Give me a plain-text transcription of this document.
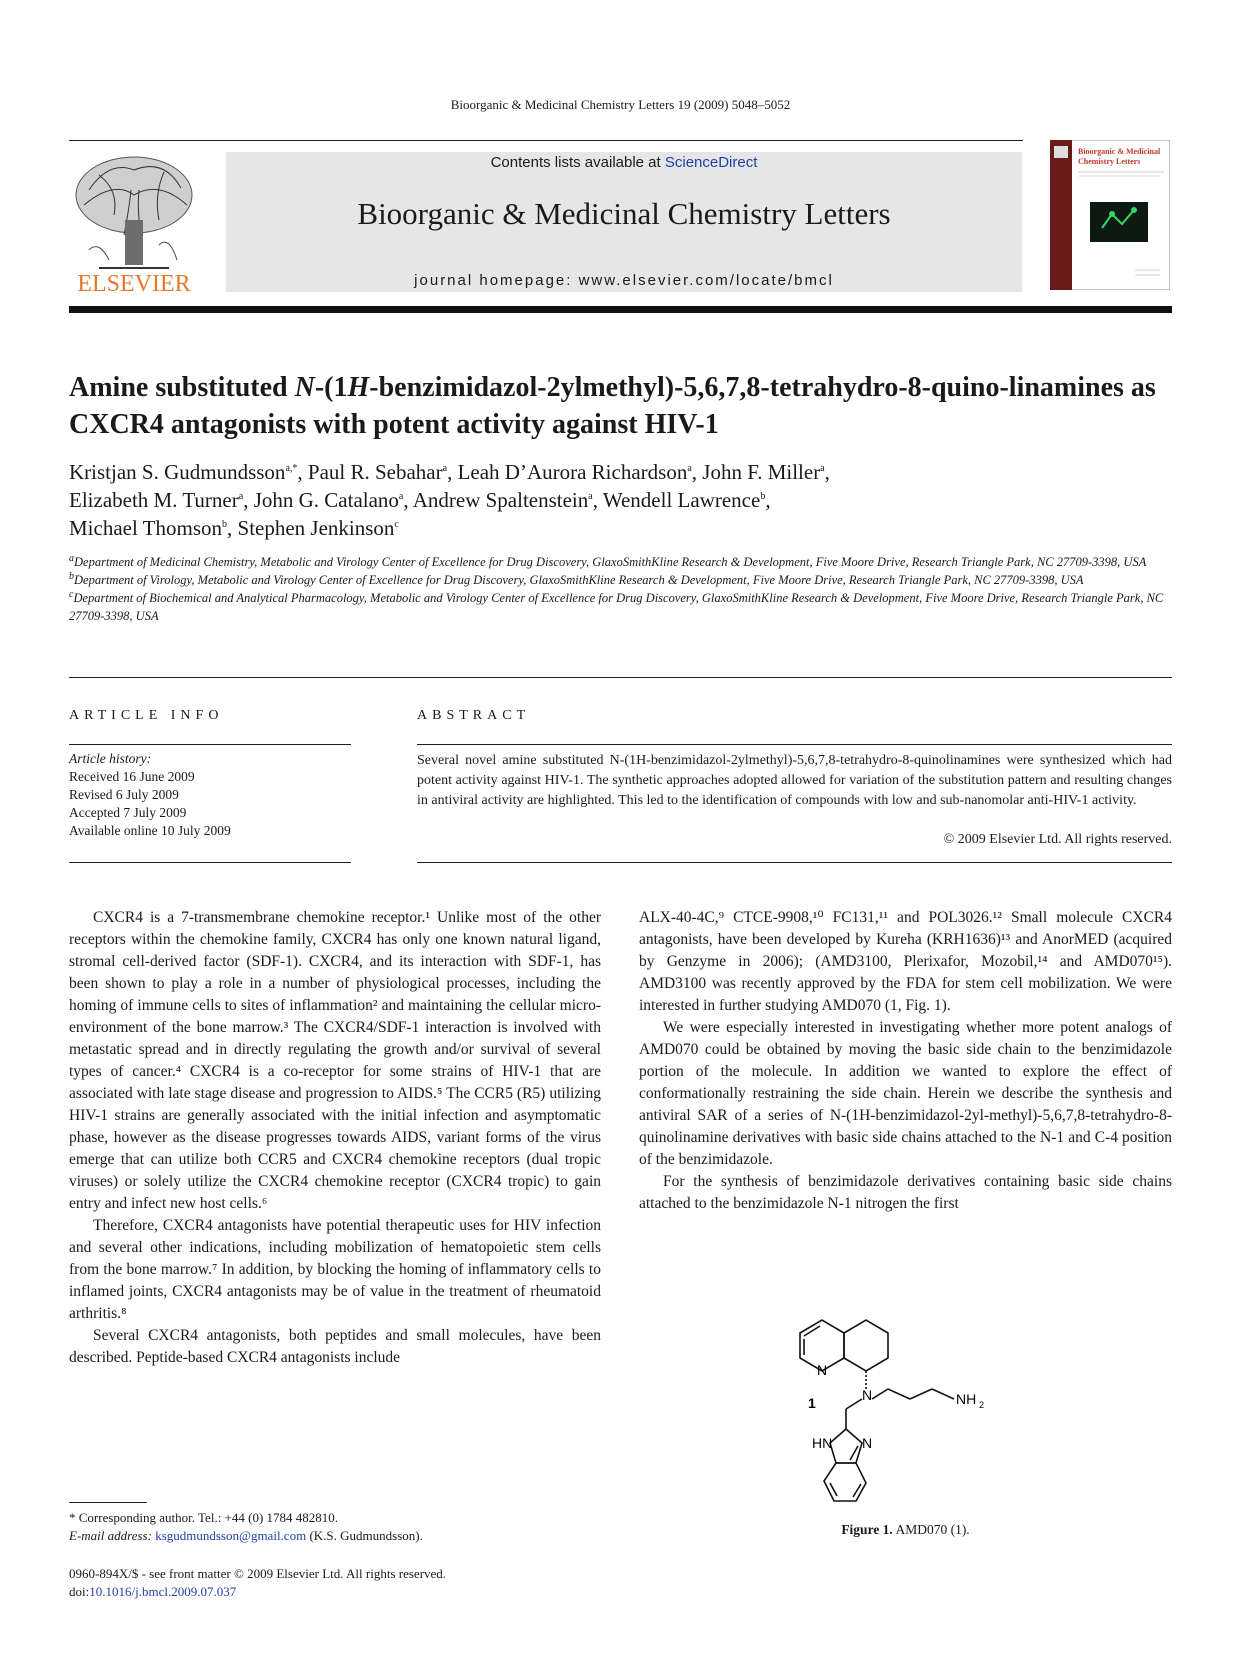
Bioorganic & Medicinal Chemistry Letters 19 (2009) 5048–5052
ELSEVIER
Contents lists available at ScienceDirect
Bioorganic & Medicinal Chemistry Letters
journal homepage: www.elsevier.com/locate/bmcl
Bioorganic & Medicinal
Chemistry Letters
Amine substituted N-(1H-benzimidazol-2ylmethyl)-5,6,7,8-tetrahydro-8-quino-linamines as CXCR4 antagonists with potent activity against HIV-1
Kristjan S. Gudmundsson$^{a,*}$, Paul R. Sebahar$^a$, Leah D’Aurora Richardson$^a$, John F. Miller$^a$,
Elizabeth M. Turner$^a$, John G. Catalano$^a$, Andrew Spaltenstein$^a$, Wendell Lawrence$^b$,
Michael Thomson$^b$, Stephen Jenkinson$^c$

$^a$Department of Medicinal Chemistry, Metabolic and Virology Center of Excellence for Drug Discovery, GlaxoSmithKline Research & Development, Five Moore Drive, Research Triangle Park, NC 27709-3398, USA

$^b$Department of Virology, Metabolic and Virology Center of Excellence for Drug Discovery, GlaxoSmithKline Research & Development, Five Moore Drive, Research Triangle Park, NC 27709-3398, USA

$^c$Department of Biochemical and Analytical Pharmacology, Metabolic and Virology Center of Excellence for Drug Discovery, GlaxoSmithKline Research & Development, Five Moore Drive, Research Triangle Park, NC 27709-3398, USA

ARTICLE INFO
Article history:
Received 16 June 2009
Revised 6 July 2009
Accepted 7 July 2009
Available online 10 July 2009
ABSTRACT
Several novel amine substituted N-(1H-benzimidazol-2ylmethyl)-5,6,7,8-tetrahydro-8-quinolinamines were synthesized which had potent activity against HIV-1. The synthetic approaches adopted allowed for variation of the substitution pattern and resulting changes in antiviral activity are highlighted. This led to the identification of compounds with low and sub-nanomolar anti-HIV-1 activity.
© 2009 Elsevier Ltd. All rights reserved.

CXCR4 is a 7-transmembrane chemokine receptor.¹ Unlike most of the other receptors within the chemokine family, CXCR4 has only one known natural ligand, stromal cell-derived factor (SDF-1). CXCR4, and its interaction with SDF-1, has been shown to play a role in a number of physiological processes, including the homing of immune cells to sites of inflammation² and maintaining the cellular micro-environment of the bone marrow.³ The CXCR4/SDF-1 interaction is involved with metastatic spread and in directly regulating the growth and/or survival of several types of cancer.⁴ CXCR4 is a co-receptor for some strains of HIV-1 that are associated with late stage disease and progression to AIDS.⁵ The CCR5 (R5) utilizing HIV-1 strains are generally associated with the initial infection and asymptomatic phase, however as the disease progresses towards AIDS, variant forms of the virus emerge that can utilize both CCR5 and CXCR4 chemokine receptors (dual tropic viruses) or solely utilize the CXCR4 chemokine receptor (CXCR4 tropic) to gain entry and infect new host cells.⁶

Therefore, CXCR4 antagonists have potential therapeutic uses for HIV infection and several other indications, including mobilization of hematopoietic stem cells from the bone marrow.⁷ In addition, by blocking the homing of inflammatory cells to inflamed joints, CXCR4 antagonists may be of value in the treatment of rheumatoid arthritis.⁸

Several CXCR4 antagonists, both peptides and small molecules, have been described. Peptide-based CXCR4 antagonists include

ALX-40-4C,⁹ CTCE-9908,¹⁰ FC131,¹¹ and POL3026.¹² Small molecule CXCR4 antagonists, have been developed by Kureha (KRH1636)¹³ and AnorMED (acquired by Genzyme in 2006); (AMD3100, Plerixafor, Mozobil,¹⁴ and AMD070¹⁵). AMD3100 was recently approved by the FDA for stem cell mobilization. We were interested in further studying AMD070 (1, Fig. 1).

We were especially interested in investigating whether more potent analogs of AMD070 could be obtained by moving the basic side chain to the benzimidazole portion of the molecule. In addition we wanted to explore the effect of conformationally restraining the side chain. Herein we describe the synthesis and antiviral SAR of a series of N-(1H-benzimidazol-2yl-methyl)-5,6,7,8-tetrahydro-8-quinolinamine derivatives with basic side chains attached to the N-1 and C-4 position of the benzimidazole.

For the synthesis of benzimidazole derivatives containing basic side chains attached to the benzimidazole N-1 nitrogen the first

N
N	NH 2
HN N
1
Figure 1. AMD070 (1).
* Corresponding author. Tel.: +44 (0) 1784 482810.
E-mail address: ksgudmundsson@gmail.com (K.S. Gudmundsson).
0960-894X/$ - see front matter © 2009 Elsevier Ltd. All rights reserved.
doi:10.1016/j.bmcl.2009.07.037
